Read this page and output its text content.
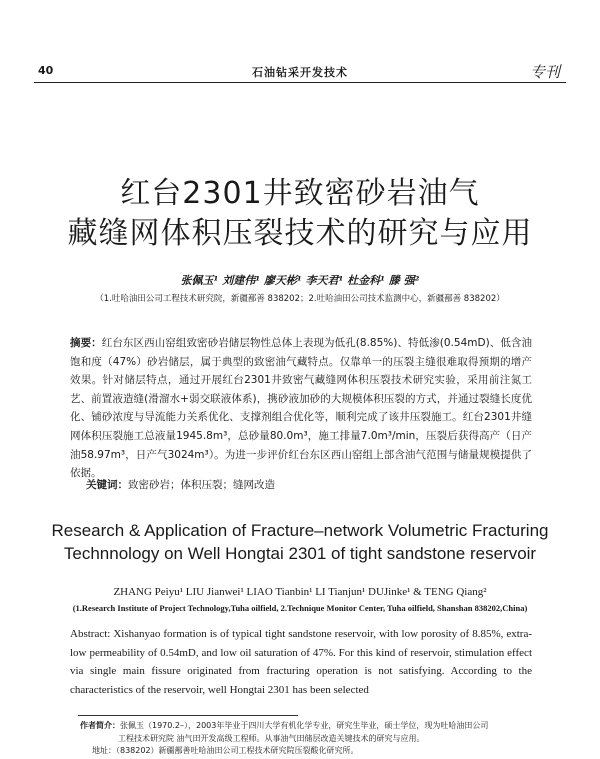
40	石油钻采开发技术	专刊
红台2301井致密砂岩油气
藏缝网体积压裂技术的研究与应用
张佩玉¹ 刘建伟¹ 廖天彬¹ 李天君¹ 杜金科¹ 滕 强²
（1.吐哈油田公司工程技术研究院，新疆鄯善 838202；2.吐哈油田公司技术监测中心，新疆鄯善 838202）
摘要：红台东区西山窑组致密砂岩储层物性总体上表现为低孔(8.85%)、特低渗(0.54mD)、低含油饱和度（47%）砂岩储层，属于典型的致密油气藏特点。仅靠单一的压裂主缝很难取得预期的增产效果。针对储层特点，通过开展红台2301井致密气藏缝网体积压裂技术研究实验，采用前注氮工艺、前置液造缝(滑溜水+弱交联液体系)，携砂液加砂的大规模体积压裂的方式，并通过裂缝长度优化、铺砂浓度与导流能力关系优化、支撑剂组合优化等，顺利完成了该井压裂施工。红台2301井缝网体积压裂施工总液量1945.8m³，总砂量80.0m³，施工排量7.0m³/min，压裂后获得高产（日产油58.97m³，日产气3024m³）。为进一步评价红台东区西山窑组上部含油气范围与储量规模提供了依据。
关键词：致密砂岩；体积压裂；缝网改造
Research & Application of Fracture–network Volumetric Fracturing
Technnology on Well Hongtai 2301 of tight sandstone reservoir
ZHANG Peiyu¹ LIU Jianwei¹ LIAO Tianbin¹ LI Tianjun¹ DUJinke¹ & TENG Qiang²
(1.Research Institute of Project Technology,Tuha oilfield, 2.Technique Monitor Center, Tuha oilfield, Shanshan 838202,China)
Abstract: Xishanyao formation is of typical tight sandstone reservoir, with low porosity of 8.85%, extra-low permeability of 0.54mD, and low oil saturation of 47%. For this kind of reservoir, stimulation effect via single main fissure originated from fracturing operation is not satisfying. According to the characteristics of the reservoir, well Hongtai 2301 has been selected
作者简介：张佩玉（1970.2–），2003年毕业于四川大学有机化学专业，研究生毕业，硕士学位，现为吐哈油田公司
工程技术研究院 油气田开发高级工程师。从事油气田储层改造关键技术的研究与应用。
地址：（838202）新疆鄯善吐哈油田公司工程技术研究院压裂酸化研究所。
